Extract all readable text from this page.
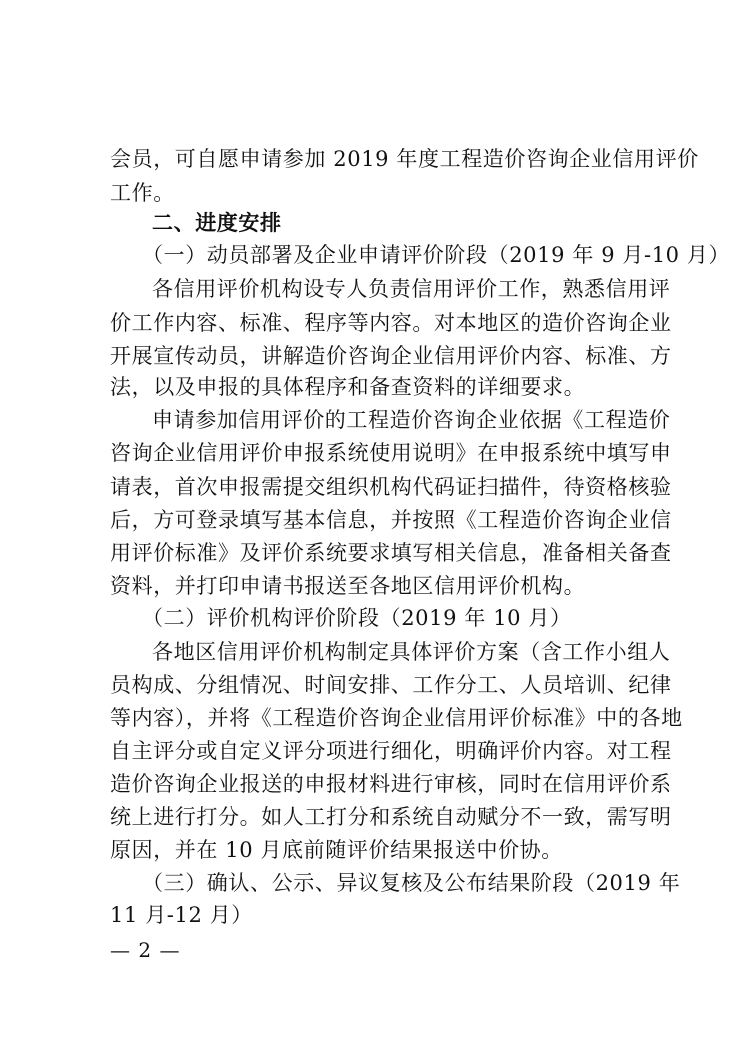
会员，可自愿申请参加 2019 年度工程造价咨询企业信用评价
工作。
二、进度安排
（一）动员部署及企业申请评价阶段（2019 年 9 月-10 月）
各信用评价机构设专人负责信用评价工作，熟悉信用评
价工作内容、标准、程序等内容。对本地区的造价咨询企业
开展宣传动员，讲解造价咨询企业信用评价内容、标准、方
法，以及申报的具体程序和备查资料的详细要求。
申请参加信用评价的工程造价咨询企业依据《工程造价
咨询企业信用评价申报系统使用说明》在申报系统中填写申
请表，首次申报需提交组织机构代码证扫描件，待资格核验
后，方可登录填写基本信息，并按照《工程造价咨询企业信
用评价标准》及评价系统要求填写相关信息，准备相关备查
资料，并打印申请书报送至各地区信用评价机构。
（二）评价机构评价阶段（2019 年 10 月）
各地区信用评价机构制定具体评价方案（含工作小组人
员构成、分组情况、时间安排、工作分工、人员培训、纪律
等内容），并将《工程造价咨询企业信用评价标准》中的各地
自主评分或自定义评分项进行细化，明确评价内容。对工程
造价咨询企业报送的申报材料进行审核，同时在信用评价系
统上进行打分。如人工打分和系统自动赋分不一致，需写明
原因，并在 10 月底前随评价结果报送中价协。
（三）确认、公示、异议复核及公布结果阶段（2019 年
11 月-12 月）
— 2 —
